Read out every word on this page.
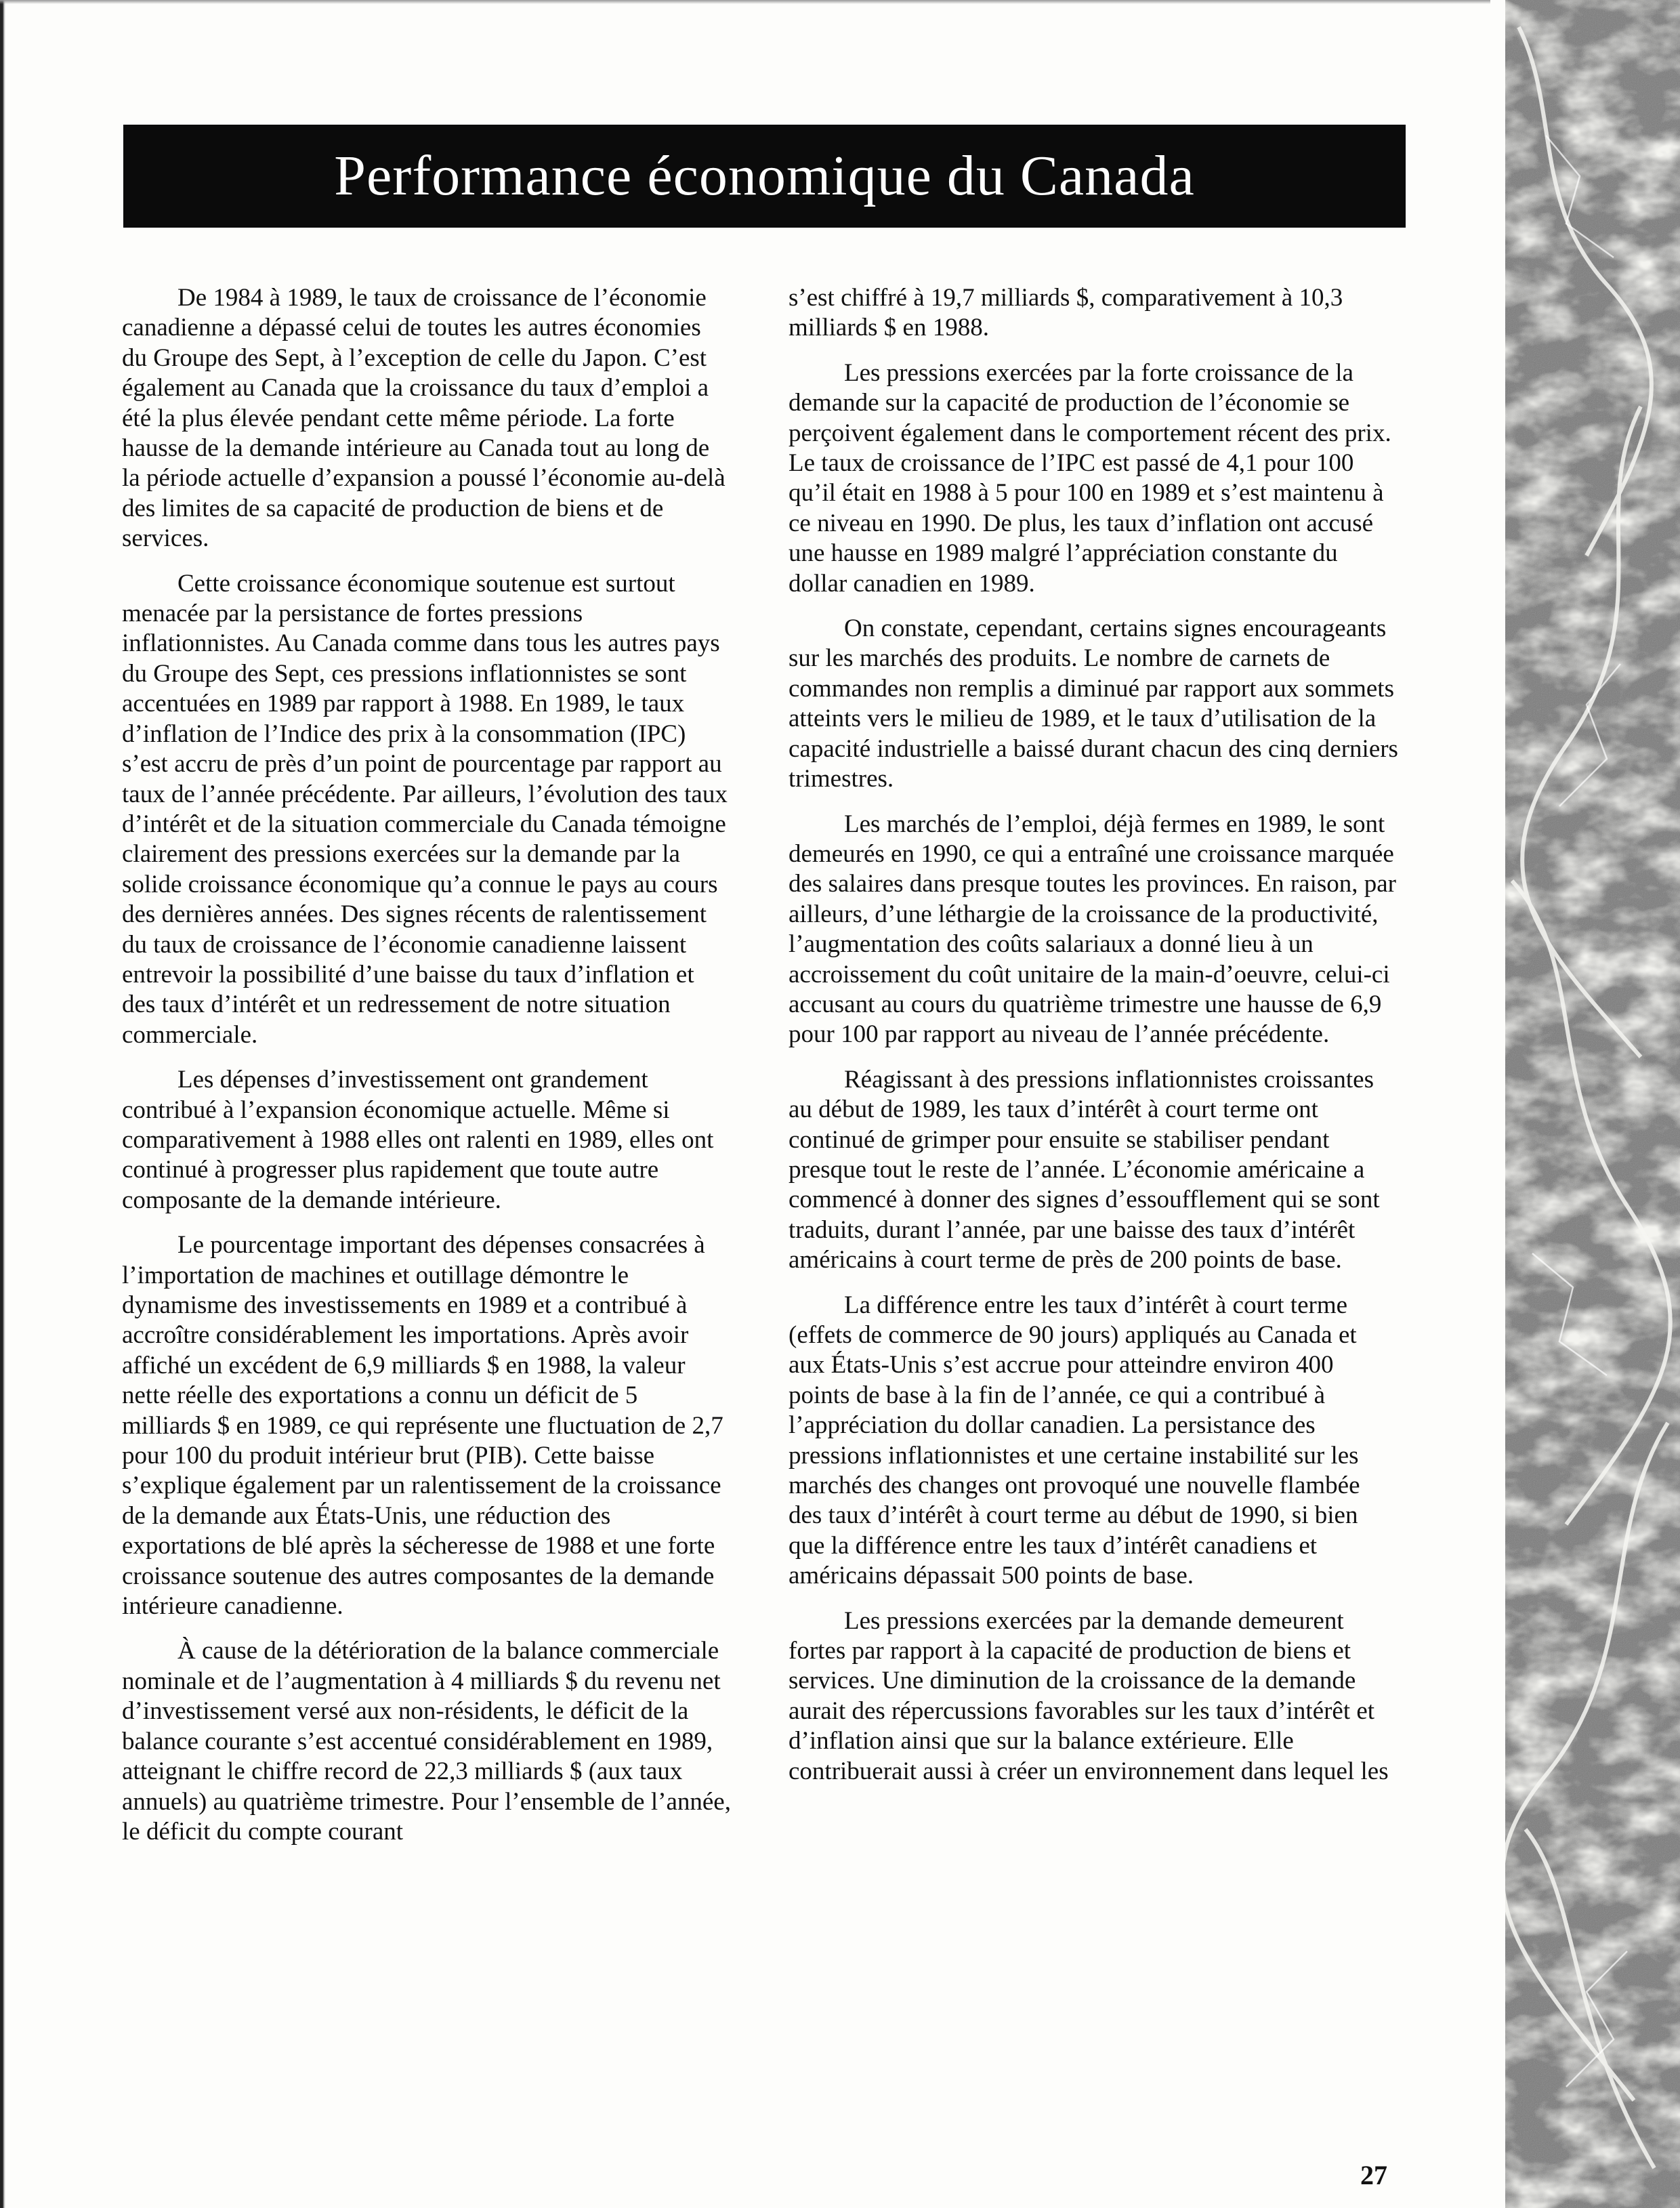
Performance économique du Canada

De 1984 à 1989, le taux de croissance de l’économie canadienne a dépassé celui de toutes les autres économies du Groupe des Sept, à l’exception de celle du Japon. C’est également au Canada que la croissance du taux d’emploi a été la plus élevée pendant cette même période. La forte hausse de la demande intérieure au Canada tout au long de la période actuelle d’expansion a poussé l’économie au-delà des limites de sa capacité de production de biens et de services.

Cette croissance économique soutenue est surtout menacée par la persistance de fortes pressions inflationnistes. Au Canada comme dans tous les autres pays du Groupe des Sept, ces pressions inflationnistes se sont accentuées en 1989 par rapport à 1988. En 1989, le taux d’inflation de l’Indice des prix à la consommation (IPC) s’est accru de près d’un point de pourcentage par rapport au taux de l’année précédente. Par ailleurs, l’évolution des taux d’intérêt et de la situation commerciale du Canada témoigne clairement des pressions exercées sur la demande par la solide croissance économique qu’a connue le pays au cours des dernières années. Des signes récents de ralentissement du taux de croissance de l’économie canadienne laissent entrevoir la possibilité d’une baisse du taux d’inflation et des taux d’intérêt et un redressement de notre situation commerciale.

Les dépenses d’investissement ont grandement contribué à l’expansion économique actuelle. Même si comparativement à 1988 elles ont ralenti en 1989, elles ont continué à progresser plus rapidement que toute autre composante de la demande intérieure.

Le pourcentage important des dépenses consacrées à l’importation de machines et outillage démontre le dynamisme des investissements en 1989 et a contribué à accroître considérablement les importations. Après avoir affiché un excédent de 6,9 milliards $ en 1988, la valeur nette réelle des exportations a connu un déficit de 5 milliards $ en 1989, ce qui représente une fluctuation de 2,7 pour 100 du produit intérieur brut (PIB). Cette baisse s’explique également par un ralentissement de la croissance de la demande aux États-Unis, une réduction des exportations de blé après la sécheresse de 1988 et une forte croissance soutenue des autres composantes de la demande intérieure canadienne.

À cause de la détérioration de la balance commerciale nominale et de l’augmentation à 4 milliards $ du revenu net d’investissement versé aux non-résidents, le déficit de la balance courante s’est accentué considérablement en 1989, atteignant le chiffre record de 22,3 milliards $ (aux taux annuels) au quatrième trimestre. Pour l’ensemble de l’année, le déficit du compte courant

s’est chiffré à 19,7 milliards $, comparativement à 10,3 milliards $ en 1988.

Les pressions exercées par la forte croissance de la demande sur la capacité de production de l’économie se perçoivent également dans le comportement récent des prix. Le taux de croissance de l’IPC est passé de 4,1 pour 100 qu’il était en 1988 à 5 pour 100 en 1989 et s’est maintenu à ce niveau en 1990. De plus, les taux d’inflation ont accusé une hausse en 1989 malgré l’appréciation constante du dollar canadien en 1989.

On constate, cependant, certains signes encourageants sur les marchés des produits. Le nombre de carnets de commandes non remplis a diminué par rapport aux sommets atteints vers le milieu de 1989, et le taux d’utilisation de la capacité industrielle a baissé durant chacun des cinq derniers trimestres.

Les marchés de l’emploi, déjà fermes en 1989, le sont demeurés en 1990, ce qui a entraîné une croissance marquée des salaires dans presque toutes les provinces. En raison, par ailleurs, d’une léthargie de la croissance de la productivité, l’augmentation des coûts salariaux a donné lieu à un accroissement du coût unitaire de la main-d’oeuvre, celui-ci accusant au cours du quatrième trimestre une hausse de 6,9 pour 100 par rapport au niveau de l’année précédente.

Réagissant à des pressions inflationnistes croissantes au début de 1989, les taux d’intérêt à court terme ont continué de grimper pour ensuite se stabiliser pendant presque tout le reste de l’année. L’économie américaine a commencé à donner des signes d’essoufflement qui se sont traduits, durant l’année, par une baisse des taux d’intérêt américains à court terme de près de 200 points de base.

La différence entre les taux d’intérêt à court terme (effets de commerce de 90 jours) appliqués au Canada et aux États-Unis s’est accrue pour atteindre environ 400 points de base à la fin de l’année, ce qui a contribué à l’appréciation du dollar canadien. La persistance des pressions inflationnistes et une certaine instabilité sur les marchés des changes ont provoqué une nouvelle flambée des taux d’intérêt à court terme au début de 1990, si bien que la différence entre les taux d’intérêt canadiens et américains dépassait 500 points de base.

Les pressions exercées par la demande demeurent fortes par rapport à la capacité de production de biens et services. Une diminution de la croissance de la demande aurait des répercussions favorables sur les taux d’intérêt et d’inflation ainsi que sur la balance extérieure. Elle contribuerait aussi à créer un environnement dans lequel les

27
